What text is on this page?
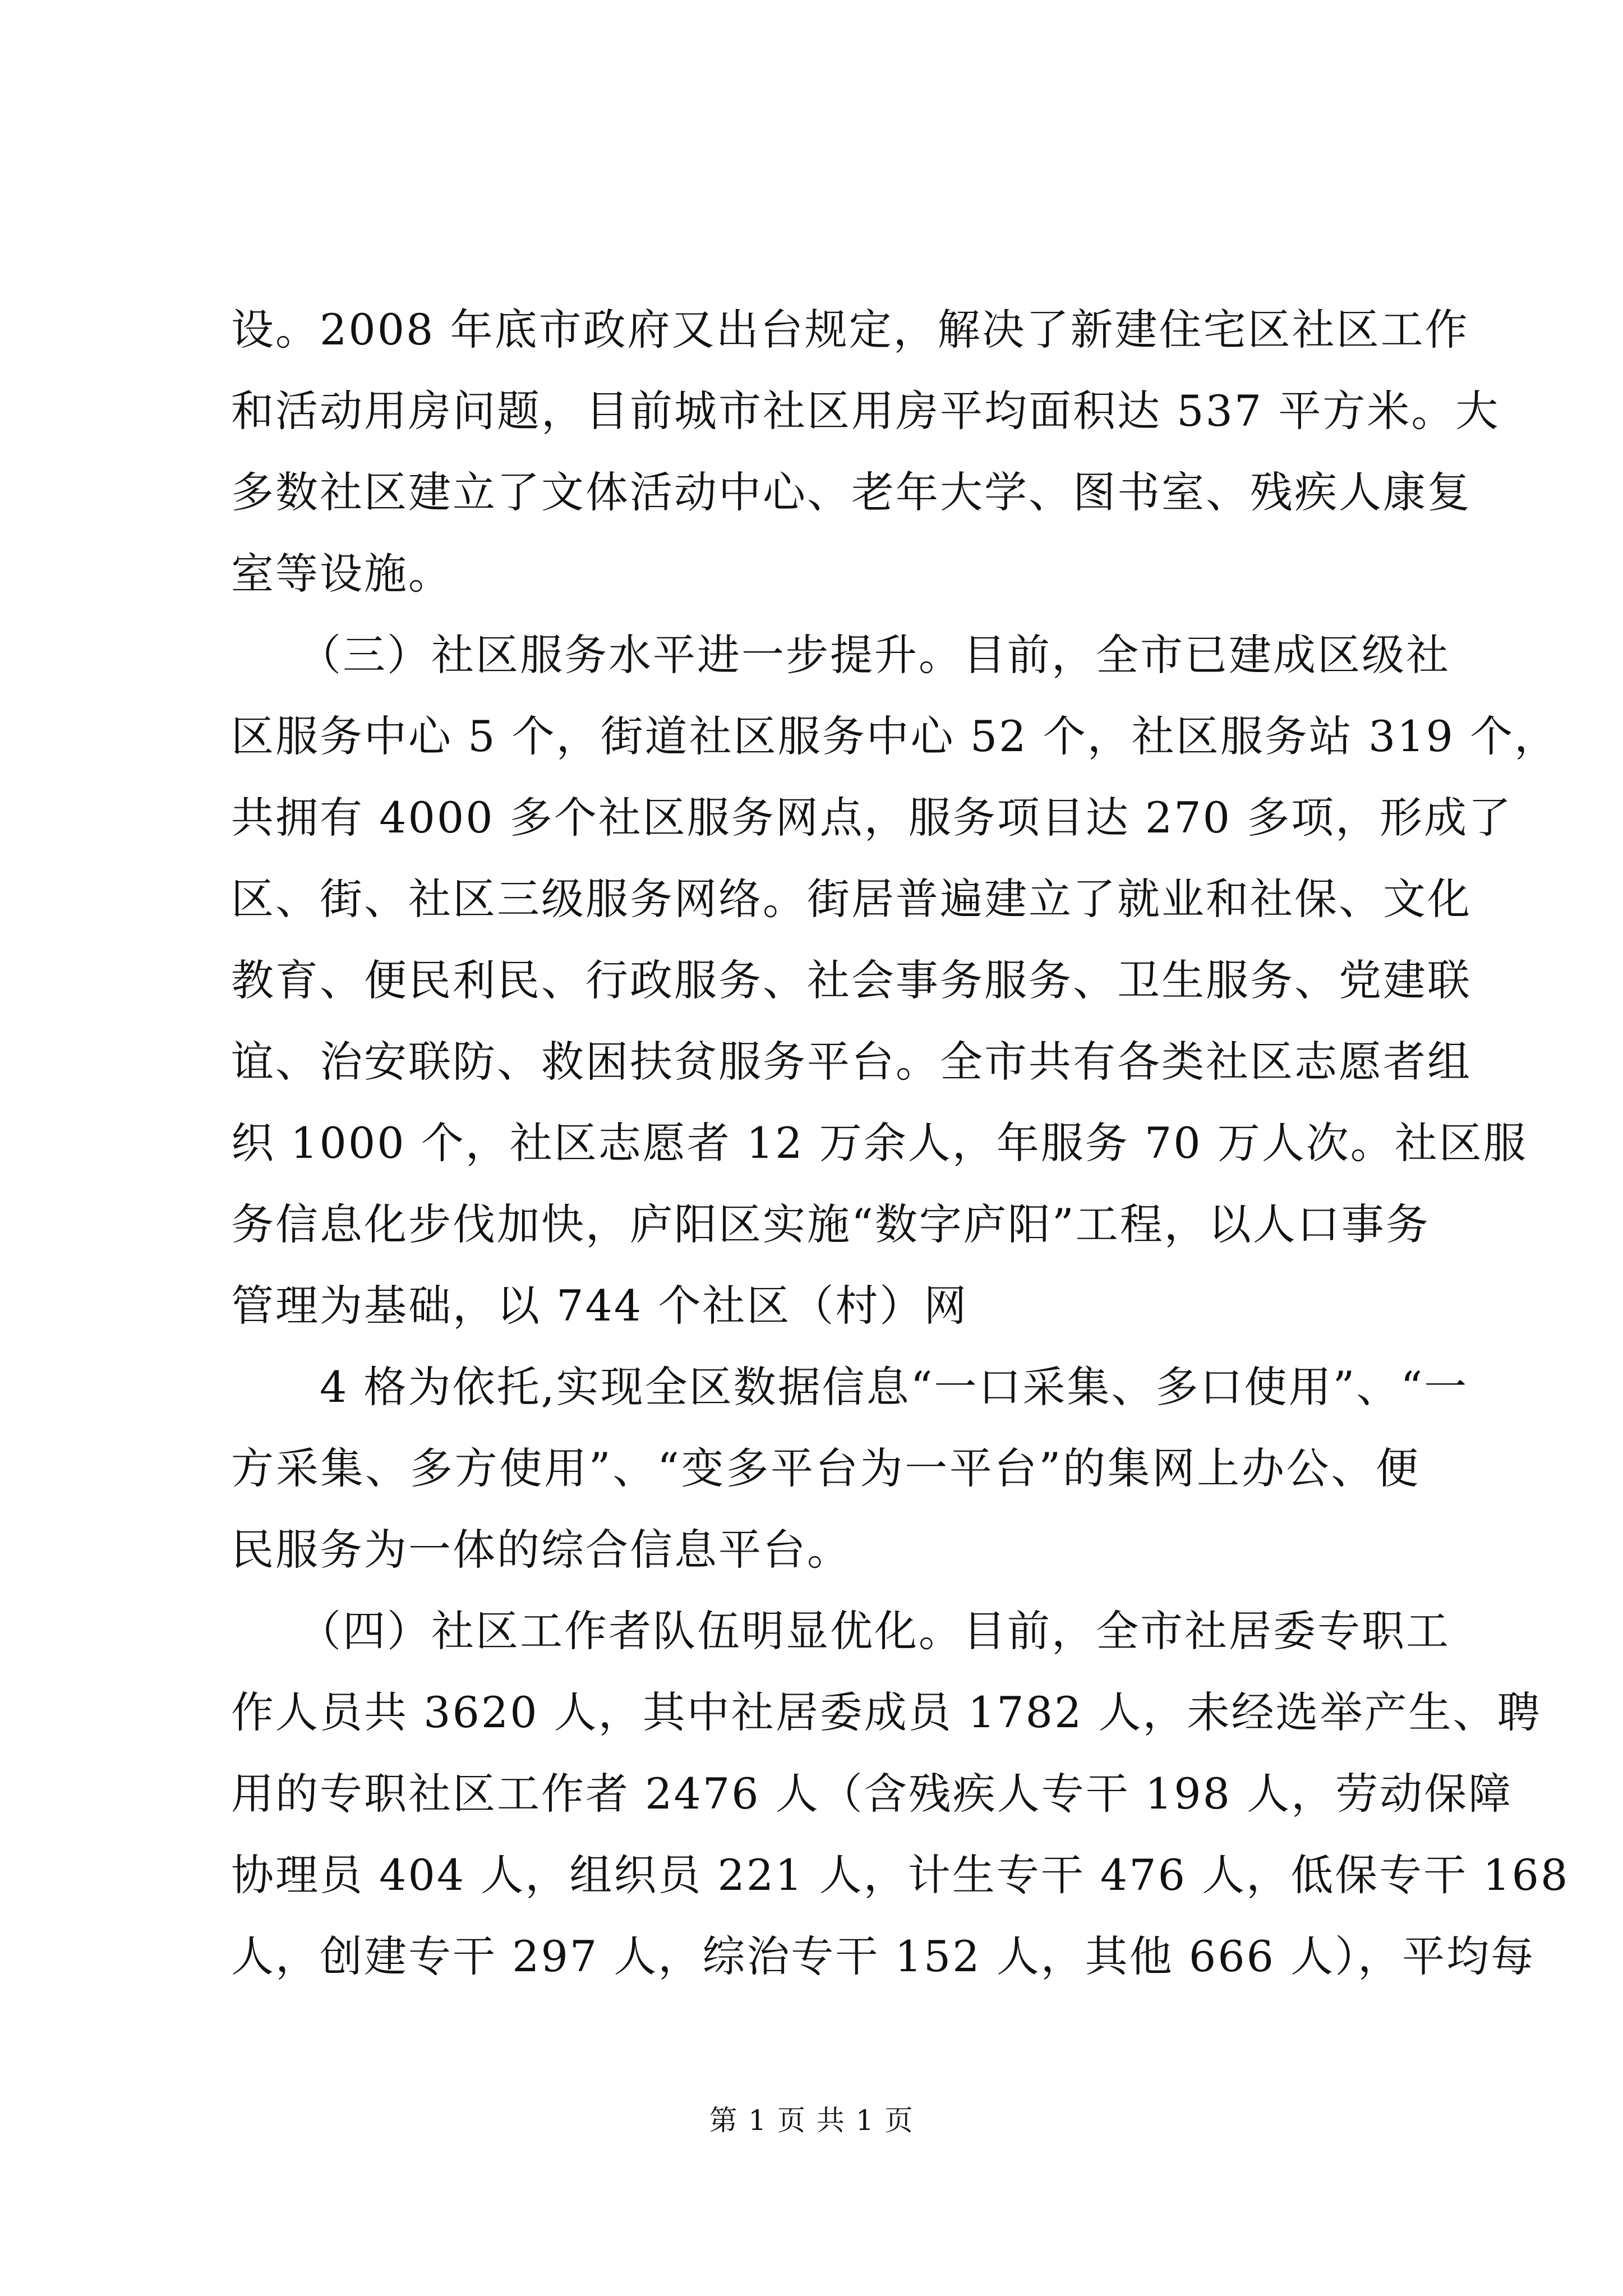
设。2008 年底市政府又出台规定，解决了新建住宅区社区工作
和活动用房问题，目前城市社区用房平均面积达 537 平方米。大
多数社区建立了文体活动中心、老年大学、图书室、残疾人康复
室等设施。
　　（三）社区服务水平进一步提升。目前，全市已建成区级社
区服务中心 5 个，街道社区服务中心 52 个，社区服务站 319 个，
共拥有 4000 多个社区服务网点，服务项目达 270 多项，形成了
区、街、社区三级服务网络。街居普遍建立了就业和社保、文化
教育、便民利民、行政服务、社会事务服务、卫生服务、党建联
谊、治安联防、救困扶贫服务平台。全市共有各类社区志愿者组
织 1000 个，社区志愿者 12 万余人，年服务 70 万人次。社区服
务信息化步伐加快，庐阳区实施“数字庐阳”工程，以人口事务
管理为基础，以 744 个社区（村）网
　　4 格为依托,实现全区数据信息“一口采集、多口使用”、“一
方采集、多方使用”、“变多平台为一平台”的集网上办公、便
民服务为一体的综合信息平台。
　　（四）社区工作者队伍明显优化。目前，全市社居委专职工
作人员共 3620 人，其中社居委成员 1782 人，未经选举产生、聘
用的专职社区工作者 2476 人（含残疾人专干 198 人，劳动保障
协理员 404 人，组织员 221 人，计生专干 476 人，低保专干 168
人，创建专干 297 人，综治专干 152 人，其他 666 人），平均每
第 1 页 共 1 页
